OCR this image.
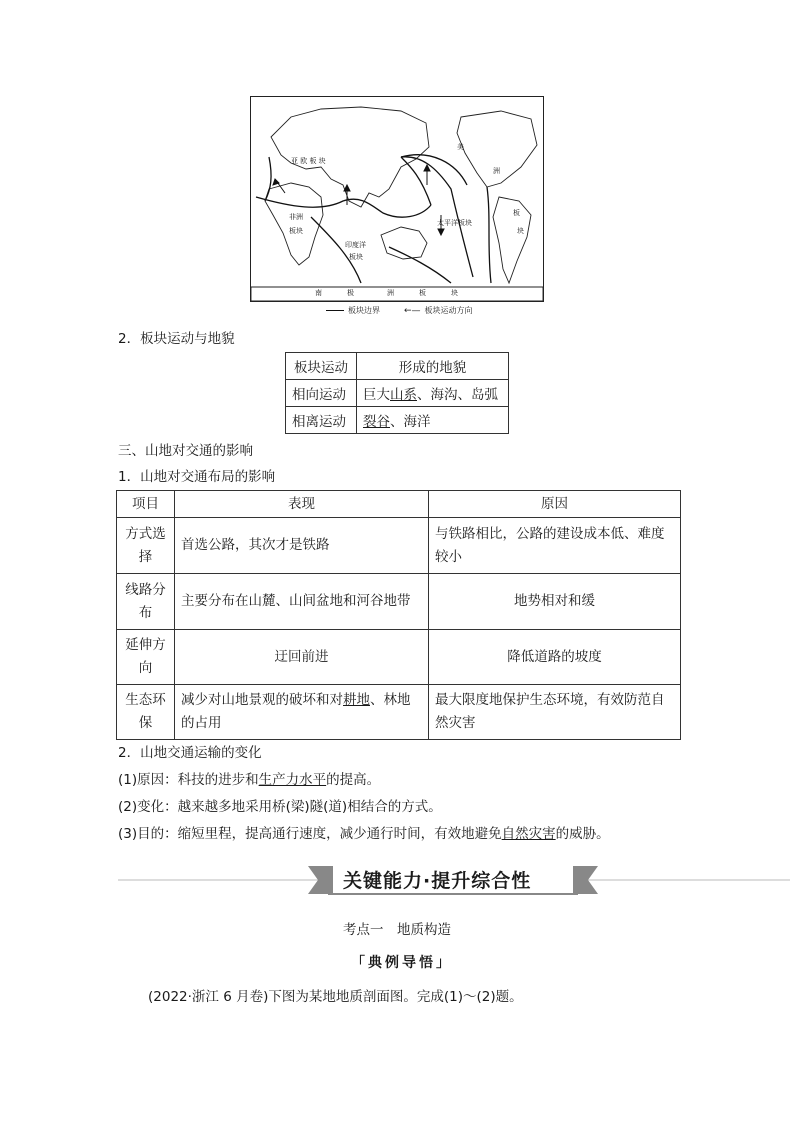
亚 欧 板 块
美
洲
板
块
非洲
板块
印度洋
板块
太平洋板块
南	极	洲	板	块
板块边界	←— 板块运动方向
2．板块运动与地貌
板块运动	形成的地貌
相向运动	巨大山系、海沟、岛弧
相离运动	裂谷、海洋
三、山地对交通的影响
1．山地对交通布局的影响
项目	表现	原因
方式选择	首选公路，其次才是铁路	与铁路相比，公路的建设成本低、难度较小
线路分布	主要分布在山麓、山间盆地和河谷地带	地势相对和缓
延伸方向	迂回前进	降低道路的坡度
生态环保	减少对山地景观的破坏和对耕地、林地的占用	最大限度地保护生态环境，有效防范自然灾害
2．山地交通运输的变化
(1)原因：科技的进步和生产力水平的提高。
(2)变化：越来越多地采用桥(梁)隧(道)相结合的方式。
(3)目的：缩短里程，提高通行速度，减少通行时间，有效地避免自然灾害的威胁。
关键能力·提升综合性
考点一　地质构造
「典例导悟」
(2022·浙江 6 月卷)下图为某地地质剖面图。完成(1)～(2)题。
